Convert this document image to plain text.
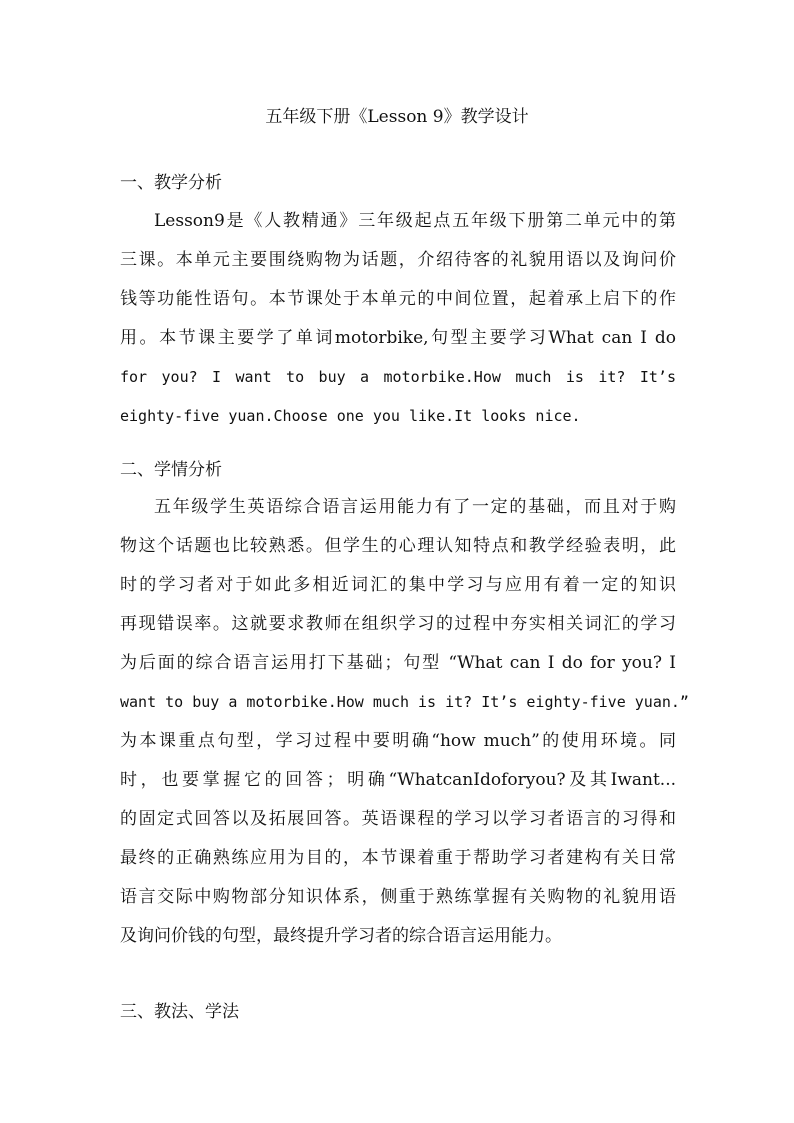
五年级下册《Lesson 9》教学设计
一、教学分析
Lesson9是《人教精通》三年级起点五年级下册第二单元中的第
三课。本单元主要围绕购物为话题，介绍待客的礼貌用语以及询问价
钱等功能性语句。本节课处于本单元的中间位置，起着承上启下的作
用。本节课主要学了单词motorbike,句型主要学习What can I do
for you? I want to buy a motorbike.How much is it? It’s
eighty-five yuan.Choose one you like.It looks nice.
二、学情分析
五年级学生英语综合语言运用能力有了一定的基础，而且对于购
物这个话题也比较熟悉。但学生的心理认知特点和教学经验表明，此
时的学习者对于如此多相近词汇的集中学习与应用有着一定的知识
再现错误率。这就要求教师在组织学习的过程中夯实相关词汇的学习
为后面的综合语言运用打下基础；句型 “What can I do for you? I
want to buy a motorbike.How much is it? It’s eighty-five yuan.”
为本课重点句型，学习过程中要明确“how much”的使用环境。同
时，也要掌握它的回答；明确“WhatcanIdoforyou?及其Iwant...
的固定式回答以及拓展回答。英语课程的学习以学习者语言的习得和
最终的正确熟练应用为目的，本节课着重于帮助学习者建构有关日常
语言交际中购物部分知识体系，侧重于熟练掌握有关购物的礼貌用语
及询问价钱的句型，最终提升学习者的综合语言运用能力。
三、教法、学法
